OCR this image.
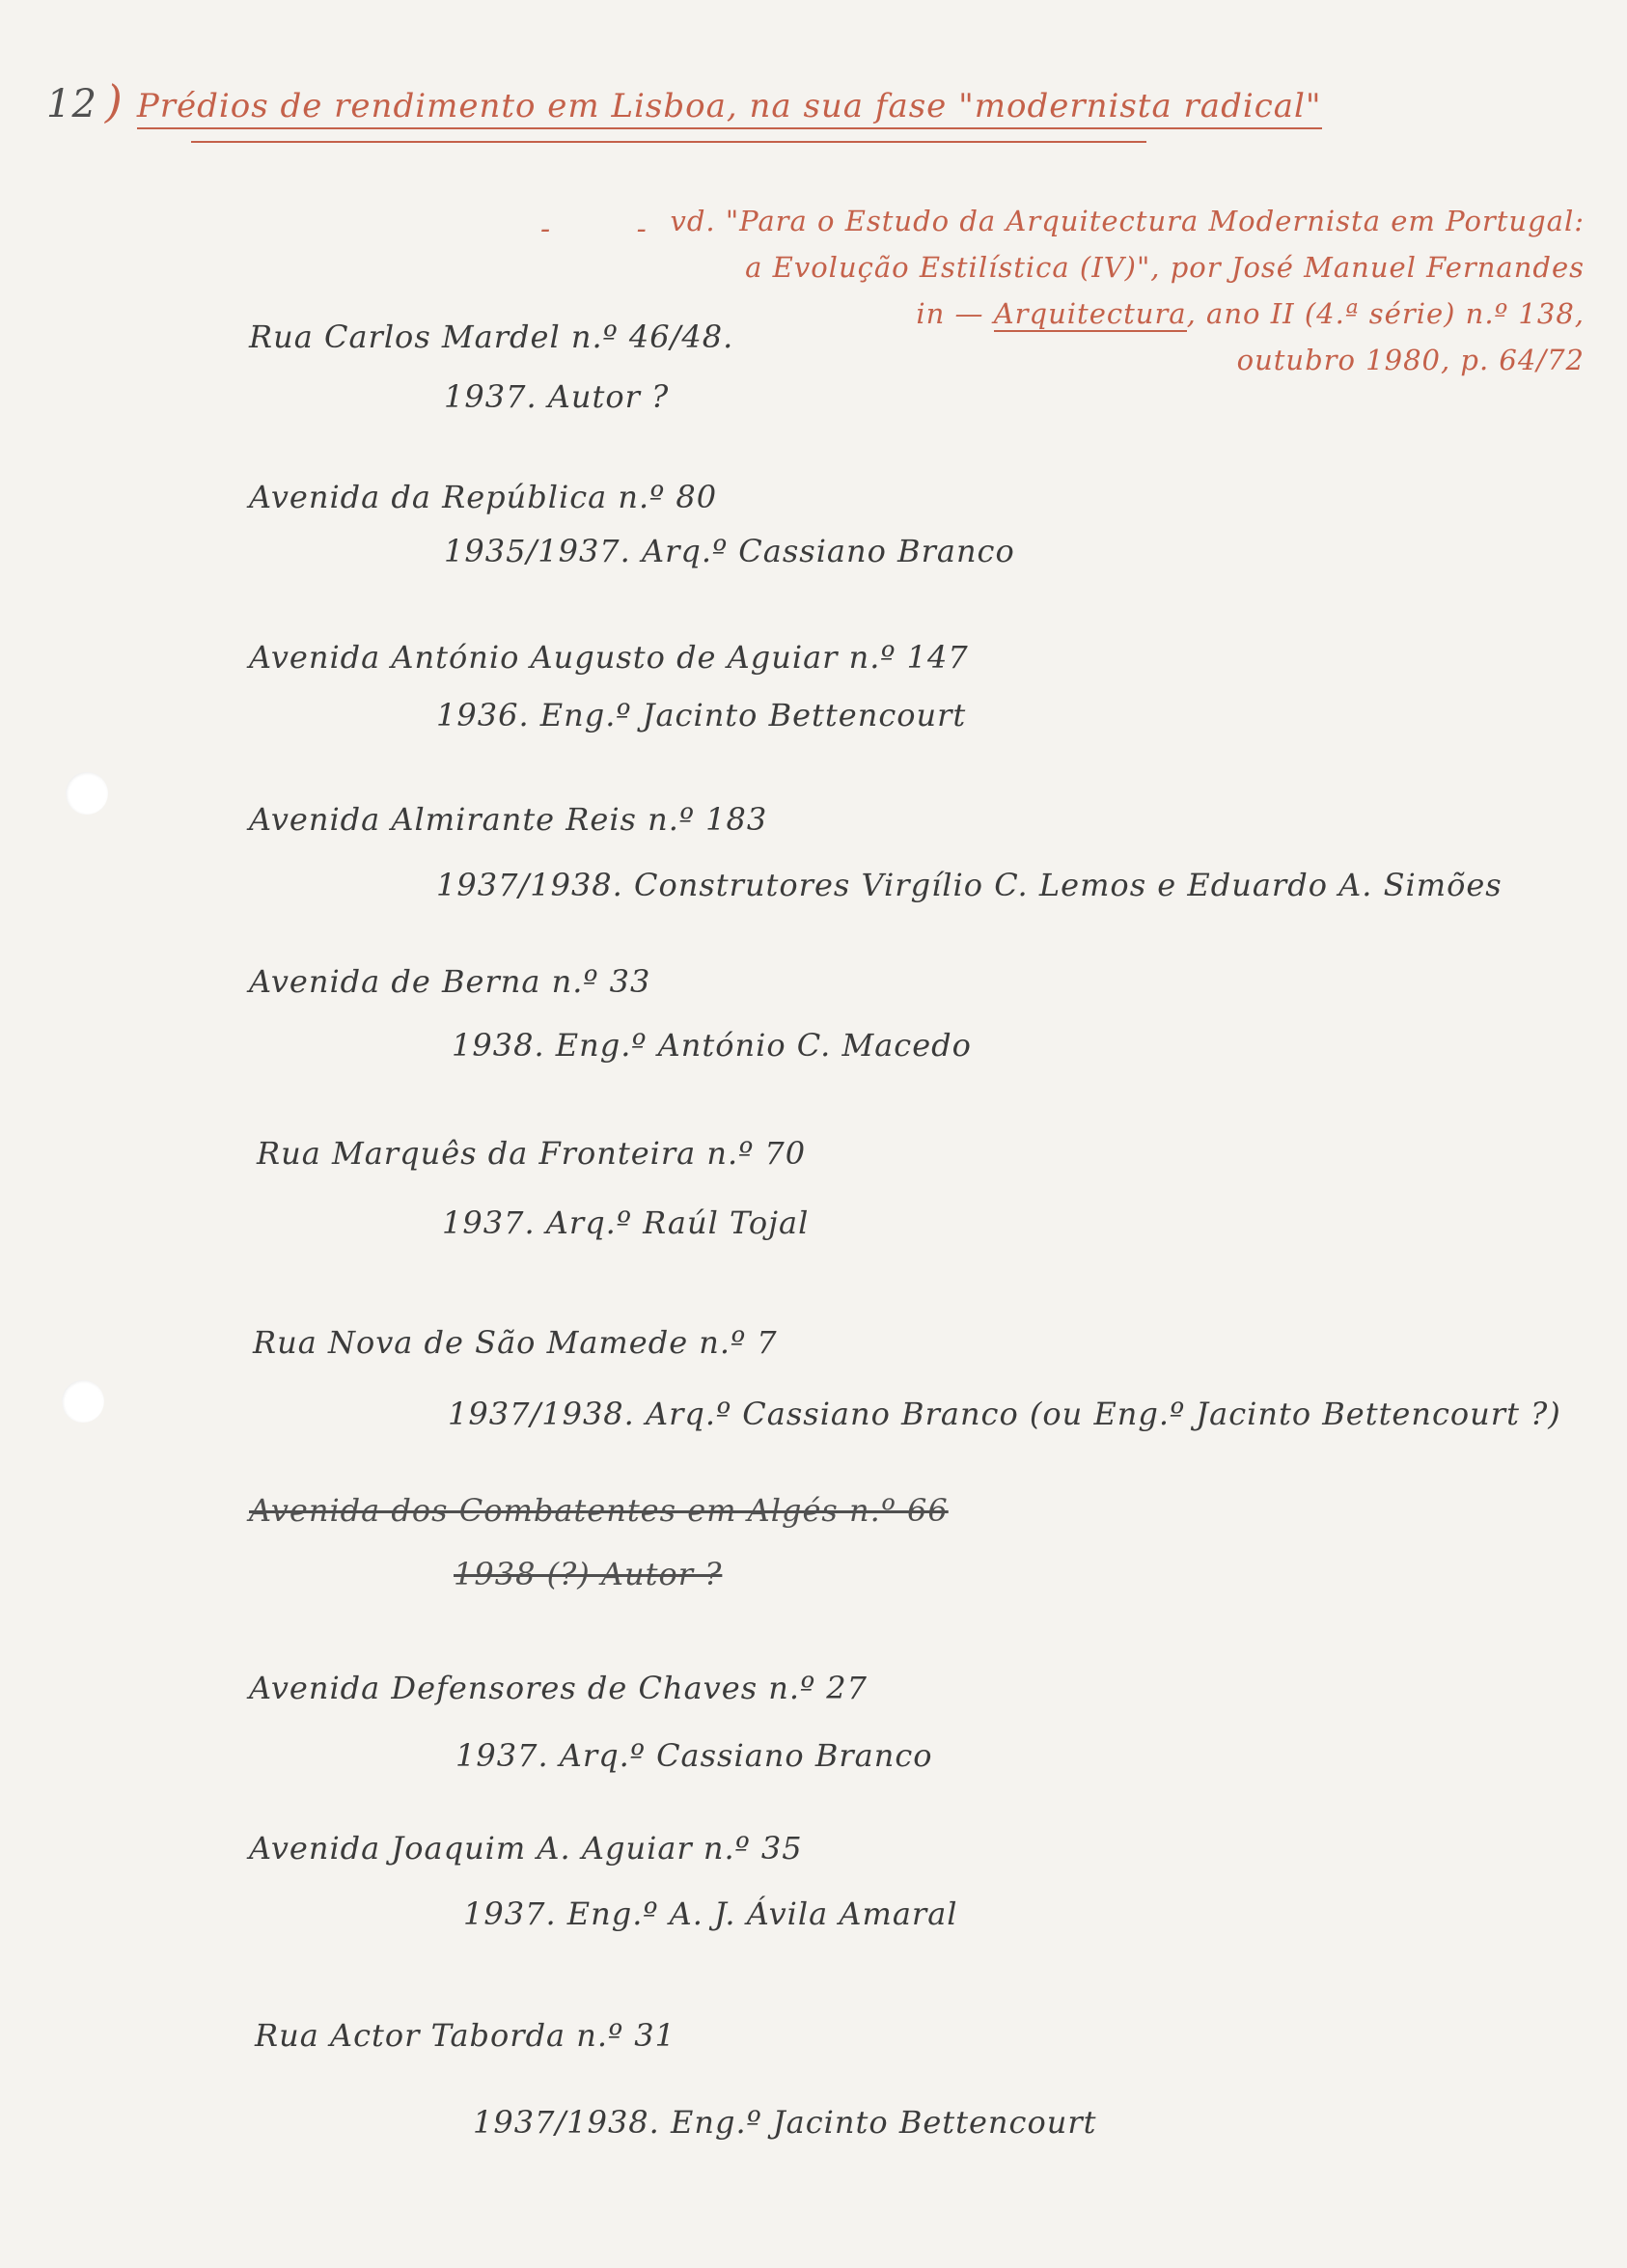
12 ) Prédios de rendimento em Lisboa, na sua fase "modernista radical"
- -
vd. "Para o Estudo da Arquitectura Modernista em Portugal:
a Evolução Estilística (IV)", por José Manuel Fernandes
in — Arquitectura, ano II (4.ª série) n.º 138,
outubro 1980, p. 64/72
Rua Carlos Mardel n.º 46/48.
1937. Autor ?
Avenida da República n.º 80
1935/1937. Arq.º Cassiano Branco
Avenida António Augusto de Aguiar n.º 147
1936. Eng.º Jacinto Bettencourt
Avenida Almirante Reis n.º 183
1937/1938. Construtores Virgílio C. Lemos e Eduardo A. Simões
Avenida de Berna n.º 33
1938. Eng.º António C. Macedo
Rua Marquês da Fronteira n.º 70
1937. Arq.º Raúl Tojal
Rua Nova de São Mamede n.º 7
1937/1938. Arq.º Cassiano Branco (ou Eng.º Jacinto Bettencourt ?)
Avenida dos Combatentes em Algés n.º 66
1938 (?) Autor ?
Avenida Defensores de Chaves n.º 27
1937. Arq.º Cassiano Branco
Avenida Joaquim A. Aguiar n.º 35
1937. Eng.º A. J. Ávila Amaral
Rua Actor Taborda n.º 31
1937/1938. Eng.º Jacinto Bettencourt
